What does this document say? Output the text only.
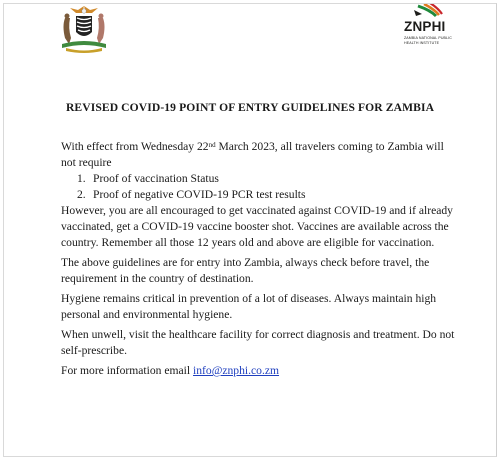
ZNPHI
ZAMBIA NATIONAL PUBLIC HEALTH INSTITUTE
REVISED COVID-19 POINT OF ENTRY GUIDELINES FOR ZAMBIA

With effect from Wednesday 22nd March 2023, all travelers coming to Zambia will not require

1. Proof of vaccination Status
2. Proof of negative COVID-19 PCR test results

However, you are all encouraged to get vaccinated against COVID-19 and if already vaccinated, get a COVID-19 vaccine booster shot. Vaccines are available across the country. Remember all those 12 years old and above are eligible for vaccination.

The above guidelines are for entry into Zambia, always check before travel, the requirement in the country of destination.

Hygiene remains critical in prevention of a lot of diseases. Always maintain high personal and environmental hygiene.

When unwell, visit the healthcare facility for correct diagnosis and treatment. Do not self-prescribe.

For more information email info@znphi.co.zm
